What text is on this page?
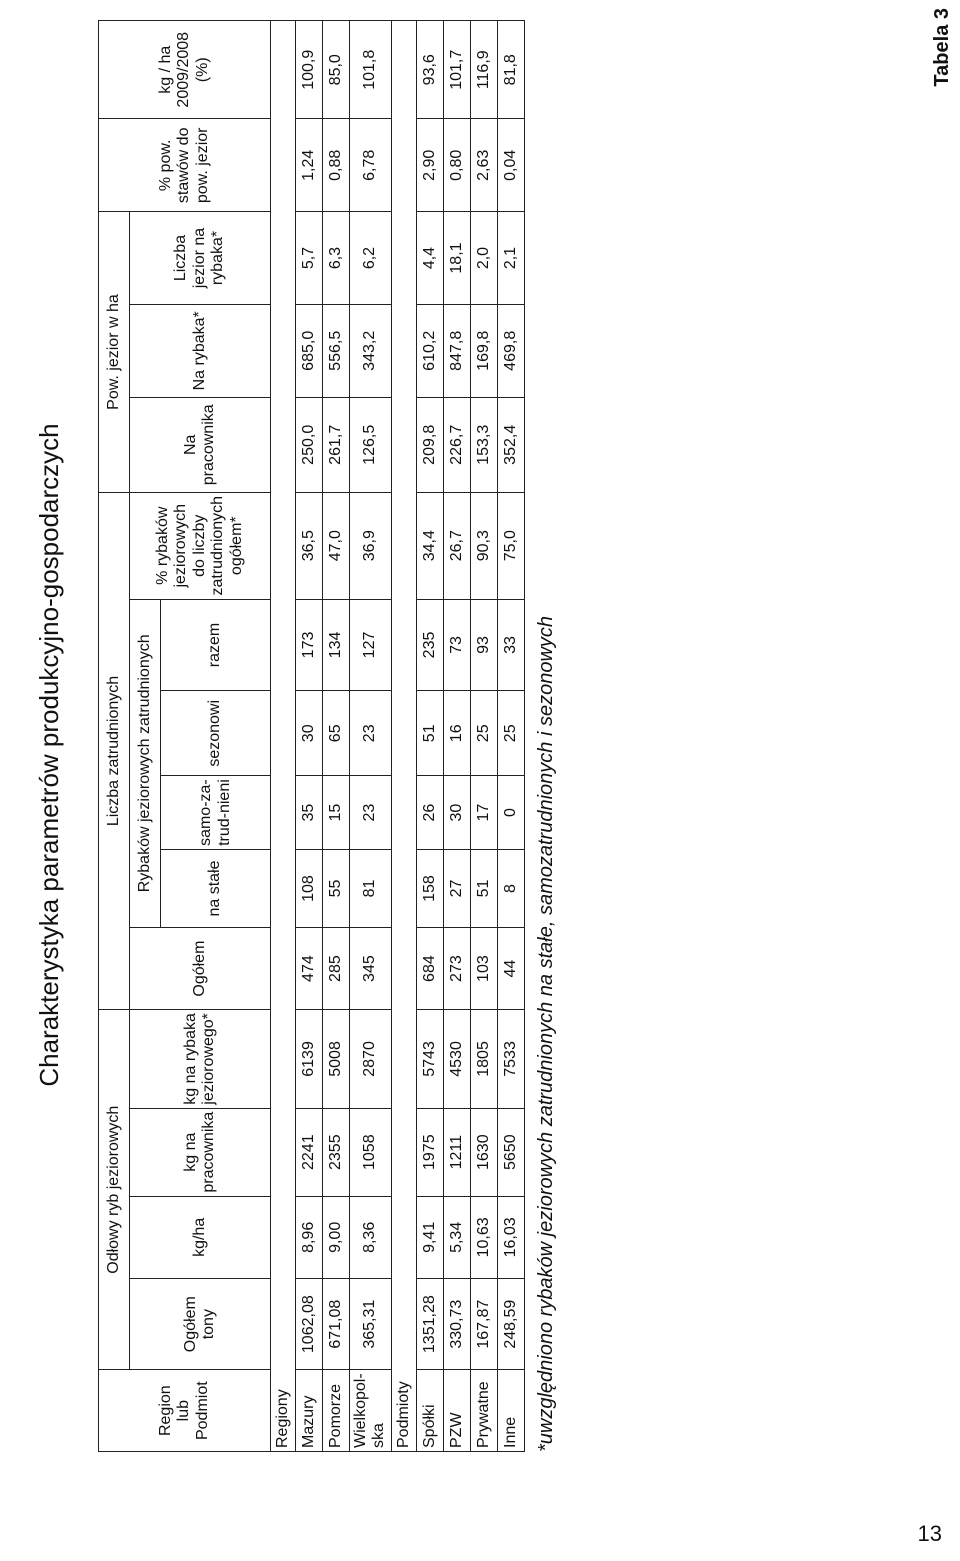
Tabela 3
13
Charakterystyka parametrów produkcyjno-gospodarczych
Region lub Podmiot	Odłowy ryb jeziorowych				Liczba zatrudnionych						Pow. jezior w ha			% pow. stawów do pow. jezior	kg / ha 2009/2008 (%)
	Ogółem tony	kg/ha	kg na pracownika	kg na rybaka jeziorowego*	Ogółem	Rybaków jeziorowych zatrudnionych				% rybaków jeziorowych do liczby zatrudnionych ogółem*	Na pracownika	Na rybaka*	Liczba jezior na rybaka*		
						na stałe	samo-za-trud-nieni	sezonowi	razem						
Regiony															
Mazury	1062,08	8,96	2241	6139	474	108	35	30	173	36,5	250,0	685,0	5,7	1,24	100,9
Pomorze	671,08	9,00	2355	5008	285	55	15	65	134	47,0	261,7	556,5	6,3	0,88	85,0
Wielkopol-ska	365,31	8,36	1058	2870	345	81	23	23	127	36,9	126,5	343,2	6,2	6,78	101,8
Podmioty															
Spółki	1351,28	9,41	1975	5743	684	158	26	51	235	34,4	209,8	610,2	4,4	2,90	93,6
PZW	330,73	5,34	1211	4530	273	27	30	16	73	26,7	226,7	847,8	18,1	0,80	101,7
Prywatne	167,87	10,63	1630	1805	103	51	17	25	93	90,3	153,3	169,8	2,0	2,63	116,9
Inne	248,59	16,03	5650	7533	44	8	0	25	33	75,0	352,4	469,8	2,1	0,04	81,8
*uwzględniono rybaków jeziorowych zatrudnionych na stałe, samozatrudnionych i sezonowych
